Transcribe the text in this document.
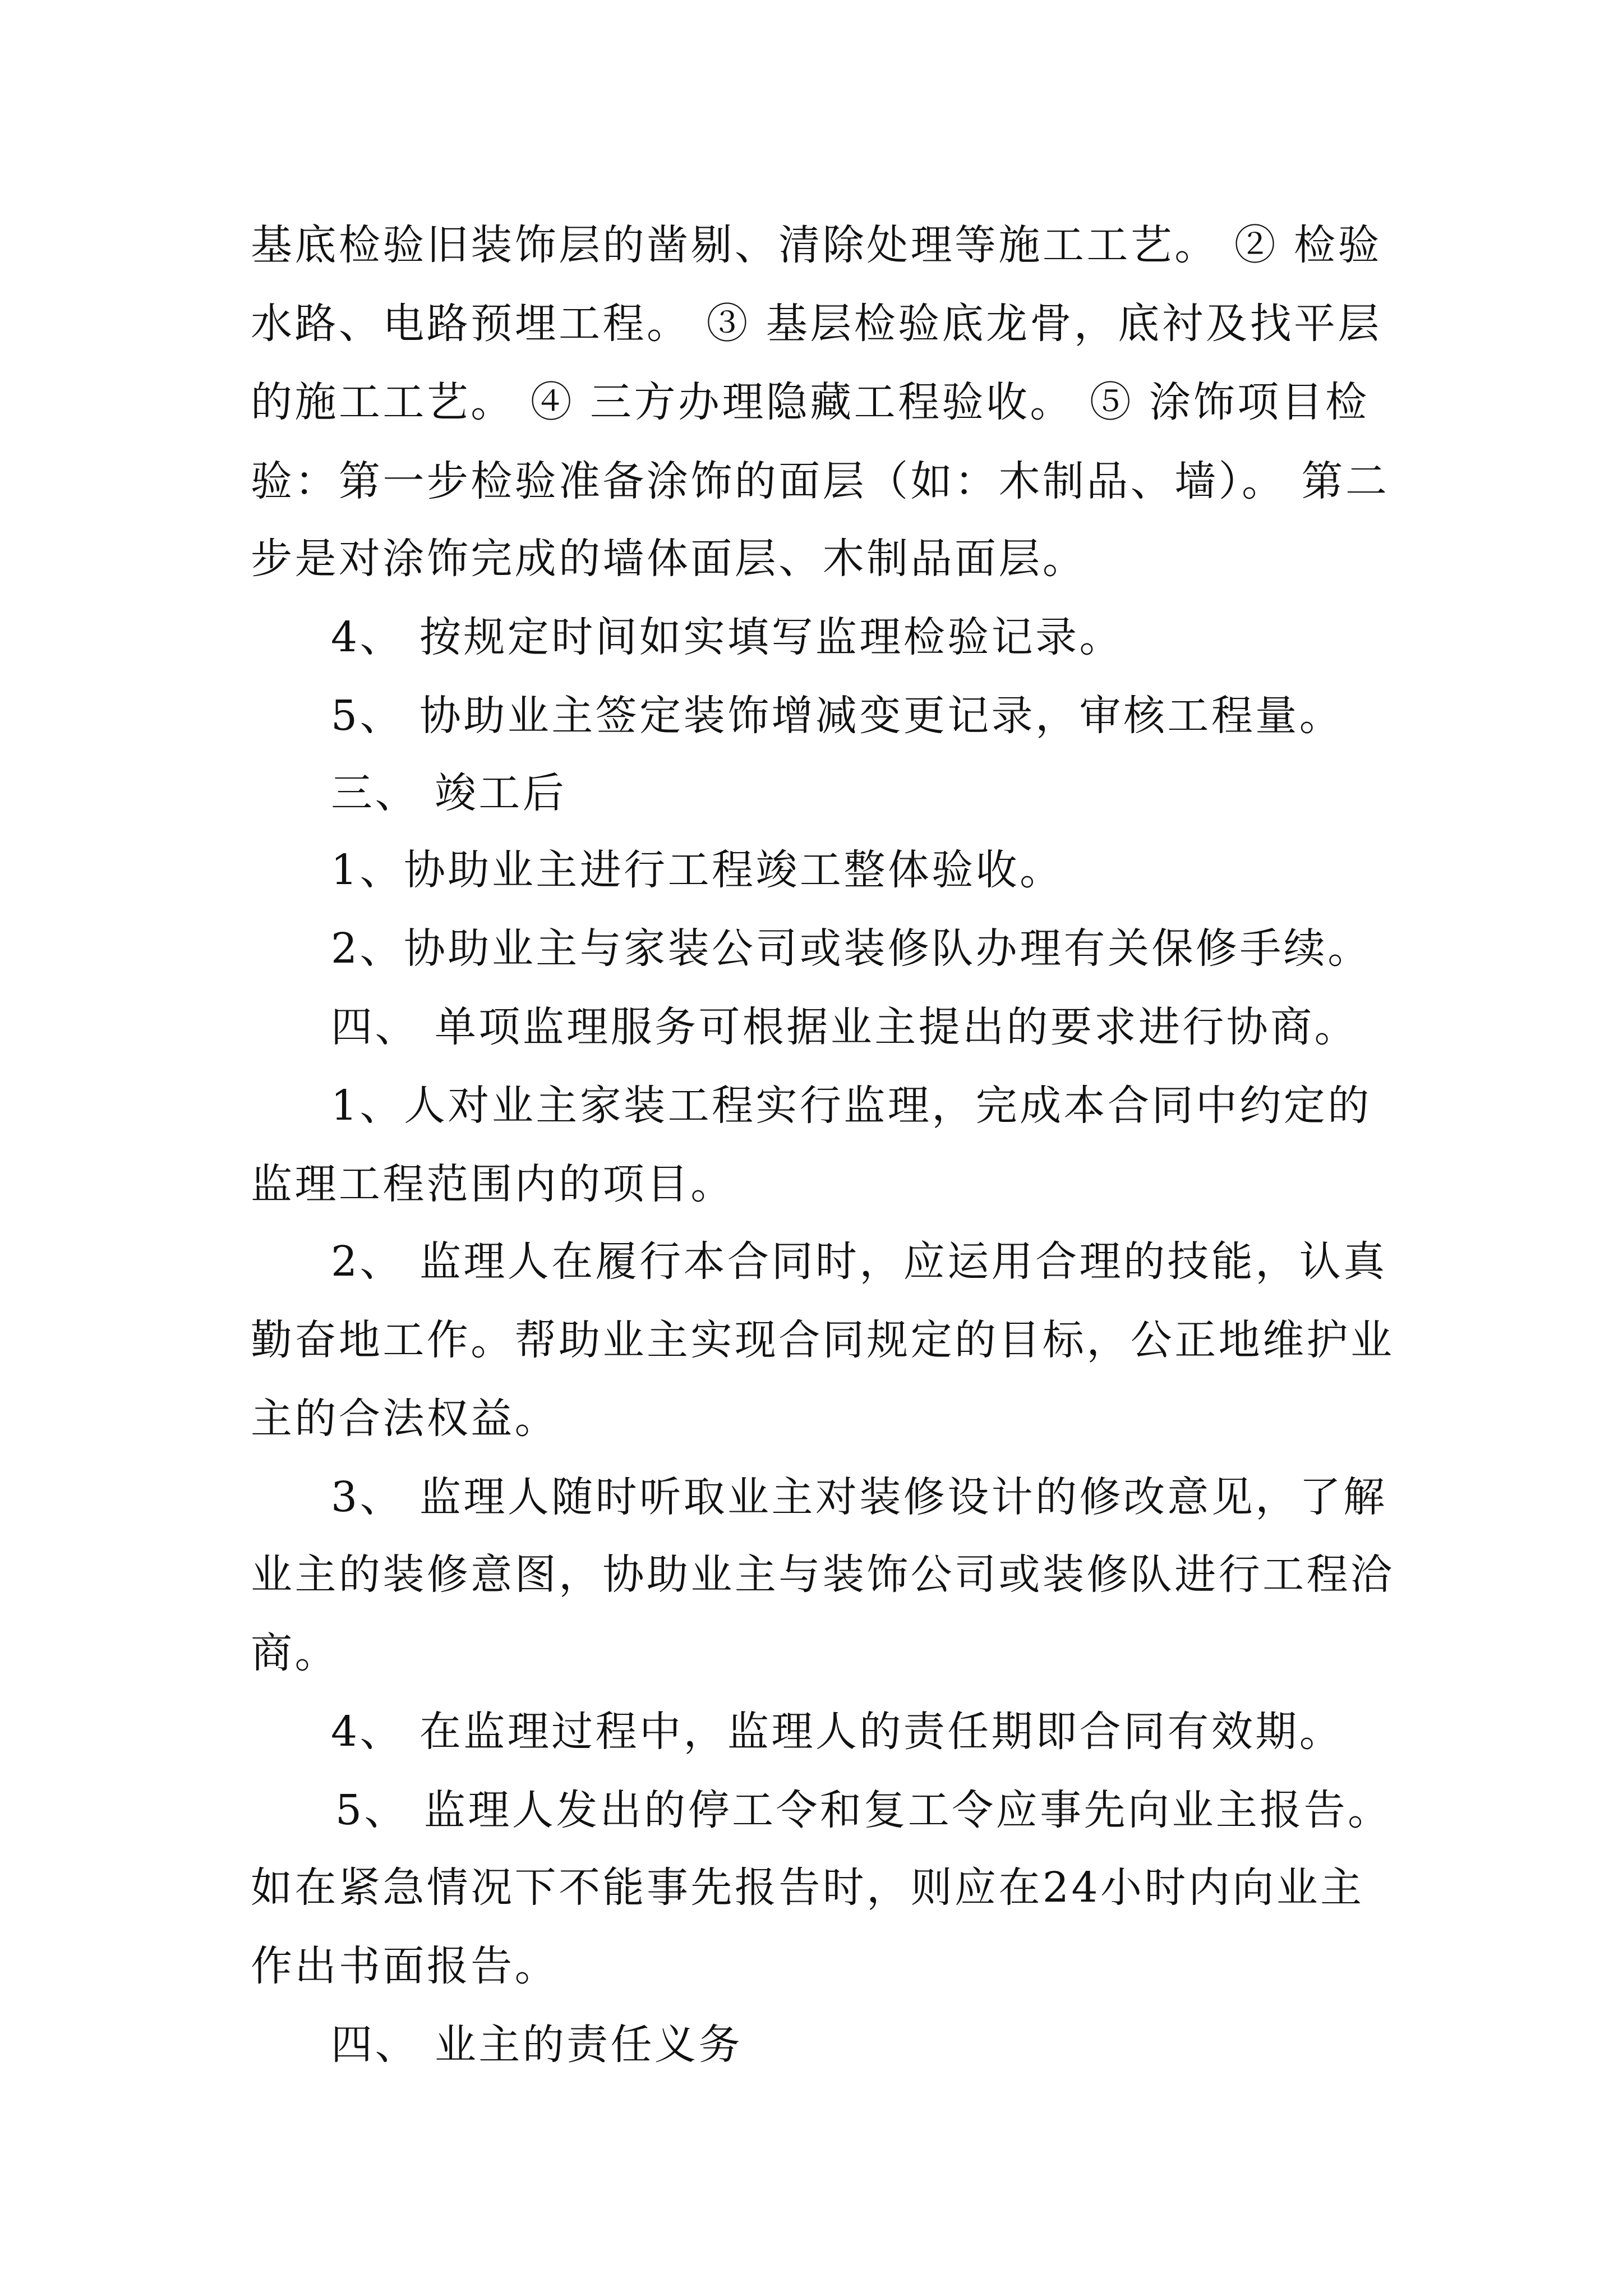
基底检验旧装饰层的凿剔、清除处理等施工工艺。 ② 检验

水路、电路预埋工程。 ③ 基层检验底龙骨，底衬及找平层

的施工工艺。 ④ 三方办理隐藏工程验收。 ⑤ 涂饰项目检

验：第一步检验准备涂饰的面层（如：木制品、墙）。 第二

步是对涂饰完成的墙体面层、木制品面层。

4、 按规定时间如实填写监理检验记录。

5、 协助业主签定装饰增减变更记录，审核工程量。

三、 竣工后

1、协助业主进行工程竣工整体验收。

2、协助业主与家装公司或装修队办理有关保修手续。

四、 单项监理服务可根据业主提出的要求进行协商。

1、人对业主家装工程实行监理，完成本合同中约定的

监理工程范围内的项目。

2、 监理人在履行本合同时，应运用合理的技能，认真

勤奋地工作。帮助业主实现合同规定的目标，公正地维护业

主的合法权益。

3、 监理人随时听取业主对装修设计的修改意见，了解

业主的装修意图，协助业主与装饰公司或装修队进行工程洽

商。

4、 在监理过程中，监理人的责任期即合同有效期。

5、 监理人发出的停工令和复工令应事先向业主报告。

如在紧急情况下不能事先报告时，则应在24小时内向业主

作出书面报告。

四、 业主的责任义务
